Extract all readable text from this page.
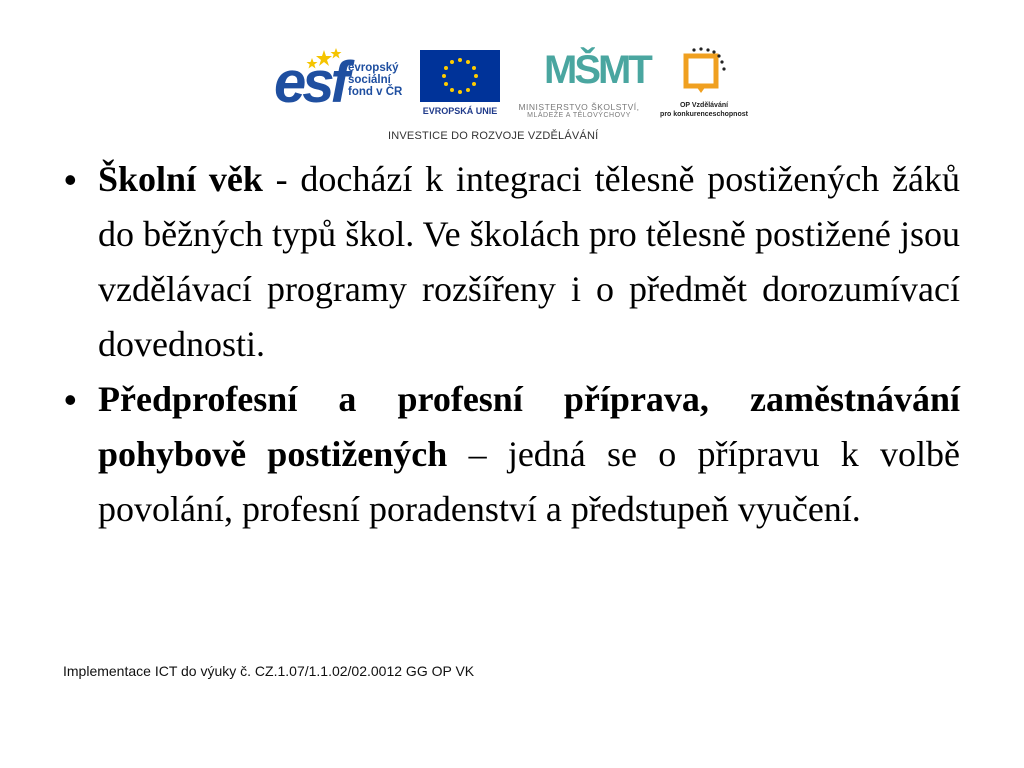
esf evropský
sociální
fond v ČR
EVROPSKÁ UNIE
MŠMT
MINISTERSTVO ŠKOLSTVÍ,
MLÁDEŽE A TĚLOVÝCHOVY
OP Vzdělávání
pro konkurenceschopnost
INVESTICE DO ROZVOJE VZDĚLÁVÁNÍ
• Školní věk - dochází k integraci tělesně postižených žáků do běžných typů škol. Ve školách pro tělesně postižené jsou vzdělávací programy rozšířeny i o předmět dorozumívací dovednosti.
• Předprofesní a profesní příprava, zaměstnávání pohybově postižených – jedná se o přípravu k volbě povolání, profesní poradenství a předstupeň vyučení.
Implementace ICT do výuky č. CZ.1.07/1.1.02/02.0012 GG OP VK
